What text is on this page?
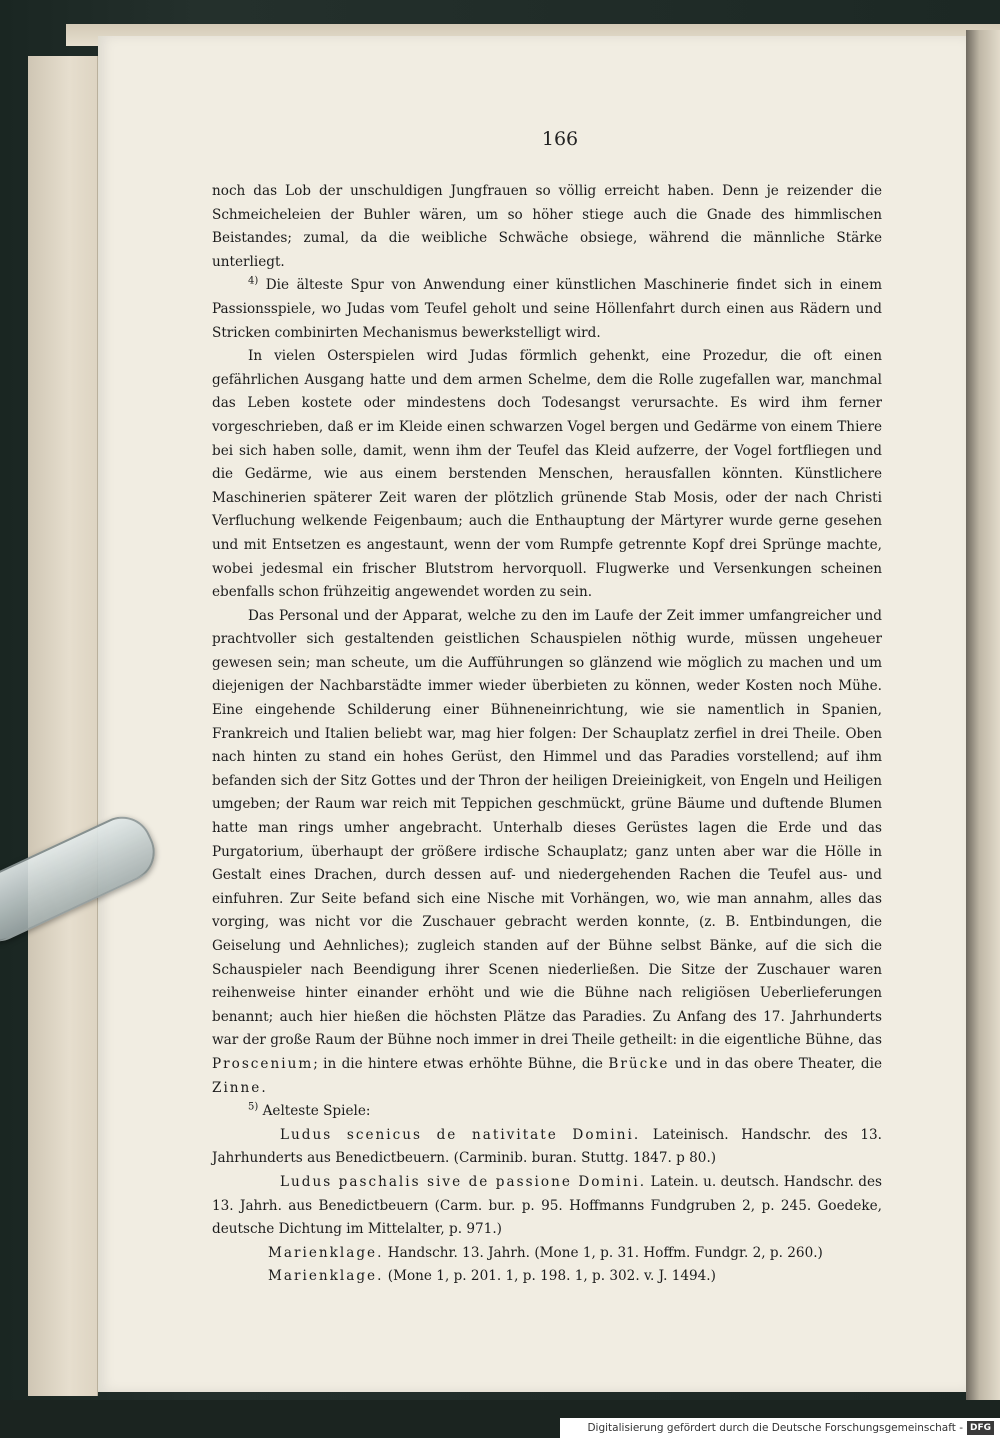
166

noch das Lob der unschuldigen Jungfrauen so völlig erreicht haben. Denn je reizender die Schmeicheleien der Buhler wären, um so höher stiege auch die Gnade des himmlischen Beistandes; zumal, da die weibliche Schwäche obsiege, während die männliche Stärke unterliegt.

$^{4)}$ Die älteste Spur von Anwendung einer künstlichen Maschinerie findet sich in einem Passionsspiele, wo Judas vom Teufel geholt und seine Höllenfahrt durch einen aus Rädern und Stricken combinirten Mechanismus bewerkstelligt wird.

In vielen Osterspielen wird Judas förmlich gehenkt, eine Prozedur, die oft einen gefährlichen Ausgang hatte und dem armen Schelme, dem die Rolle zugefallen war, manchmal das Leben kostete oder mindestens doch Todesangst verursachte. Es wird ihm ferner vorgeschrieben, daß er im Kleide einen schwarzen Vogel bergen und Gedärme von einem Thiere bei sich haben solle, damit, wenn ihm der Teufel das Kleid aufzerre, der Vogel fortfliegen und die Gedärme, wie aus einem berstenden Menschen, herausfallen könnten. Künstlichere Maschinerien späterer Zeit waren der plötzlich grünende Stab Mosis, oder der nach Christi Verfluchung welkende Feigenbaum; auch die Enthauptung der Märtyrer wurde gerne gesehen und mit Entsetzen es angestaunt, wenn der vom Rumpfe getrennte Kopf drei Sprünge machte, wobei jedesmal ein frischer Blutstrom hervorquoll. Flugwerke und Versenkungen scheinen ebenfalls schon frühzeitig angewendet worden zu sein.

Das Personal und der Apparat, welche zu den im Laufe der Zeit immer umfangreicher und prachtvoller sich gestaltenden geistlichen Schauspielen nöthig wurde, müssen ungeheuer gewesen sein; man scheute, um die Aufführungen so glänzend wie möglich zu machen und um diejenigen der Nachbarstädte immer wieder überbieten zu können, weder Kosten noch Mühe. Eine eingehende Schilderung einer Bühneneinrichtung, wie sie namentlich in Spanien, Frankreich und Italien beliebt war, mag hier folgen: Der Schauplatz zerfiel in drei Theile. Oben nach hinten zu stand ein hohes Gerüst, den Himmel und das Paradies vorstellend; auf ihm befanden sich der Sitz Gottes und der Thron der heiligen Dreieinigkeit, von Engeln und Heiligen umgeben; der Raum war reich mit Teppichen geschmückt, grüne Bäume und duftende Blumen hatte man rings umher angebracht. Unterhalb dieses Gerüstes lagen die Erde und das Purgatorium, überhaupt der größere irdische Schauplatz; ganz unten aber war die Hölle in Gestalt eines Drachen, durch dessen auf- und niedergehenden Rachen die Teufel aus- und einfuhren. Zur Seite befand sich eine Nische mit Vorhängen, wo, wie man annahm, alles das vorging, was nicht vor die Zuschauer gebracht werden konnte, (z. B. Entbindungen, die Geiselung und Aehnliches); zugleich standen auf der Bühne selbst Bänke, auf die sich die Schauspieler nach Beendigung ihrer Scenen niederließen. Die Sitze der Zuschauer waren reihenweise hinter einander erhöht und wie die Bühne nach religiösen Ueberlieferungen benannt; auch hier hießen die höchsten Plätze das Paradies. Zu Anfang des 17. Jahrhunderts war der große Raum der Bühne noch immer in drei Theile getheilt: in die eigentliche Bühne, das Proscenium; in die hintere etwas erhöhte Bühne, die Brücke und in das obere Theater, die Zinne.

$^{5)}$ Aelteste Spiele:

Ludus scenicus de nativitate Domini. Lateinisch. Handschr. des 13. Jahrhunderts aus Benedictbeuern. (Carminib. buran. Stuttg. 1847. p 80.)

Ludus paschalis sive de passione Domini. Latein. u. deutsch. Handschr. des 13. Jahrh. aus Benedictbeuern (Carm. bur. p. 95. Hoffmanns Fundgruben 2, p. 245. Goedeke, deutsche Dichtung im Mittelalter, p. 971.)

Marienklage. Handschr. 13. Jahrh. (Mone 1, p. 31. Hoffm. Fundgr. 2, p. 260.)

Marienklage. (Mone 1, p. 201. 1, p. 198. 1, p. 302. v. J. 1494.)

Digitalisierung gefördert durch die Deutsche Forschungsgemeinschaft - DFG
